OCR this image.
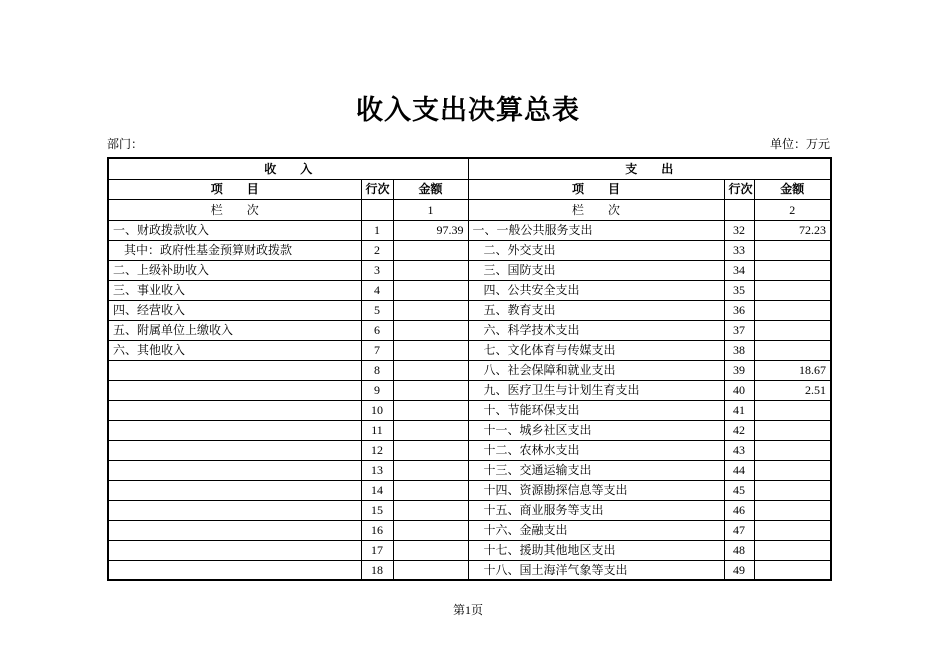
收入支出决算总表
部门：	单位：万元
收　　入			支　　出		
项　　目	行次	金额	项　　目	行次	金额
栏　　次		1	栏　　次		2
一、财政拨款收入	1	97.39	一、一般公共服务支出	32	72.23
其中：政府性基金预算财政拨款	2		二、外交支出	33	
二、上级补助收入	3		三、国防支出	34	
三、事业收入	4		四、公共安全支出	35	
四、经营收入	5		五、教育支出	36	
五、附属单位上缴收入	6		六、科学技术支出	37	
六、其他收入	7		七、文化体育与传媒支出	38	
	8		八、社会保障和就业支出	39	18.67
	9		九、医疗卫生与计划生育支出	40	2.51
	10		十、节能环保支出	41	
	11		十一、城乡社区支出	42	
	12		十二、农林水支出	43	
	13		十三、交通运输支出	44	
	14		十四、资源勘探信息等支出	45	
	15		十五、商业服务等支出	46	
	16		十六、金融支出	47	
	17		十七、援助其他地区支出	48	
	18		十八、国土海洋气象等支出	49	
第1页
